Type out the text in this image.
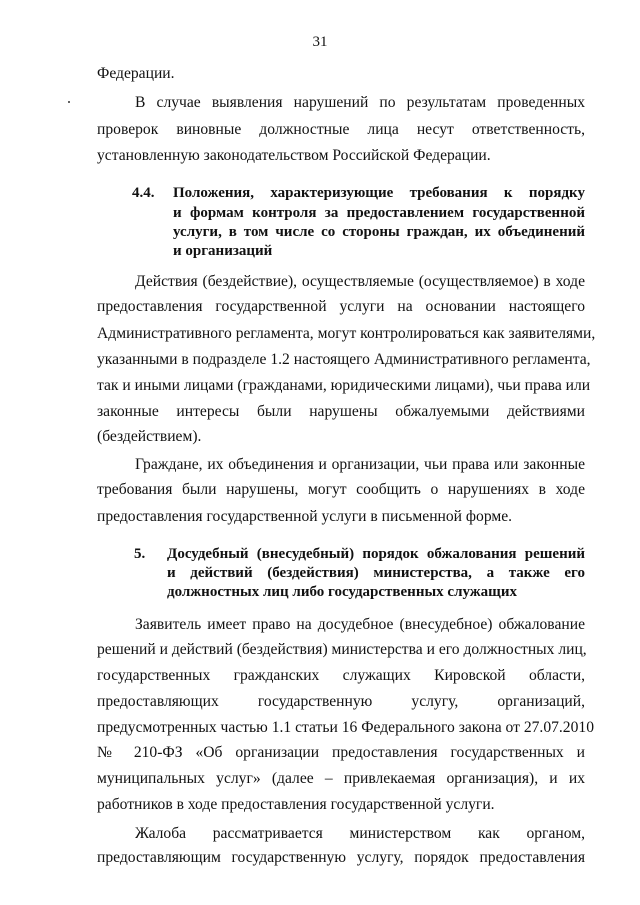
31
Федерации.
В случае выявления нарушений по результатам проведенных
проверок виновные должностные лица несут ответственность,
установленную законодательством Российской Федерации.
4.4. Положения, характеризующие требования к порядку
и формам контроля за предоставлением государственной
услуги, в том числе со стороны граждан, их объединений
и организаций
Действия (бездействие), осуществляемые (осуществляемое) в ходе
предоставления государственной услуги на основании настоящего
Административного регламента, могут контролироваться как заявителями,
указанными в подразделе 1.2 настоящего Административного регламента,
так и иными лицами (гражданами, юридическими лицами), чьи права или
законные интересы были нарушены обжалуемыми действиями
(бездействием).
Граждане, их объединения и организации, чьи права или законные
требования были нарушены, могут сообщить о нарушениях в ходе
предоставления государственной услуги в письменной форме.
5. Досудебный (внесудебный) порядок обжалования решений
и действий (бездействия) министерства, а также его
должностных лиц либо государственных служащих
Заявитель имеет право на досудебное (внесудебное) обжалование
решений и действий (бездействия) министерства и его должностных лиц,
государственных гражданских служащих Кировской области,
предоставляющих государственную услугу, организаций,
предусмотренных частью 1.1 статьи 16 Федерального закона от 27.07.2010
№ 210-ФЗ «Об организации предоставления государственных и
муниципальных услуг» (далее – привлекаемая организация), и их
работников в ходе предоставления государственной услуги.
Жалоба рассматривается министерством как органом,
предоставляющим государственную услугу, порядок предоставления
